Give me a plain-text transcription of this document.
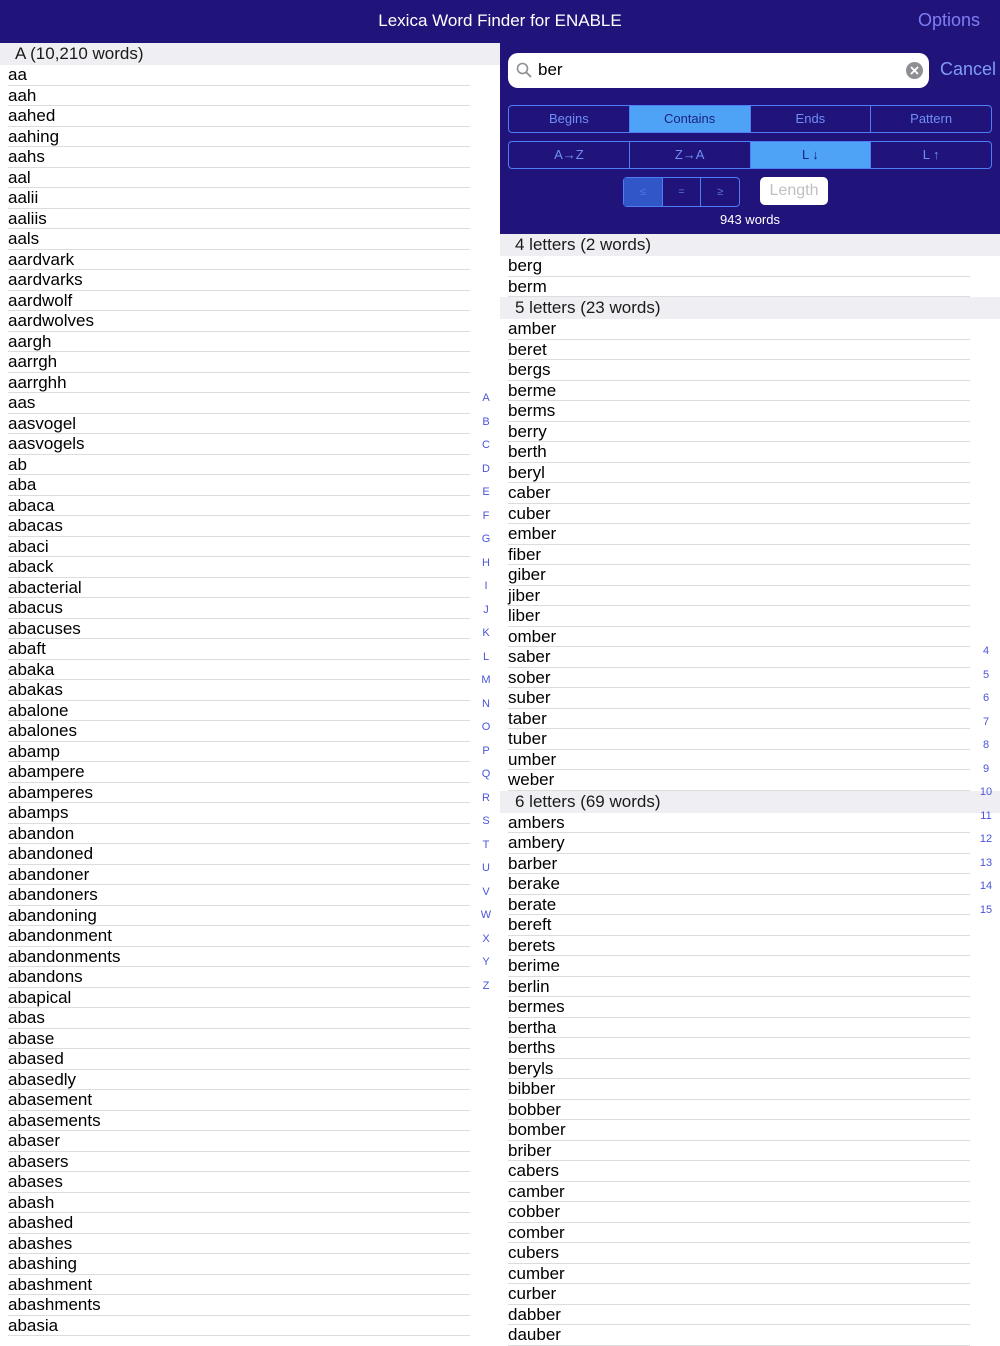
Lexica Word Finder for ENABLE	Options
A (10,210 words)
aa
aah
aahed
aahing
aahs
aal
aalii
aaliis
aals
aardvark
aardvarks
aardwolf
aardwolves
aargh
aarrgh
aarrghh
aas
aasvogel
aasvogels
ab
aba
abaca
abacas
abaci
aback
abacterial
abacus
abacuses
abaft
abaka
abakas
abalone
abalones
abamp
abampere
abamperes
abamps
abandon
abandoned
abandoner
abandoners
abandoning
abandonment
abandonments
abandons
abapical
abas
abase
abased
abasedly
abasement
abasements
abaser
abasers
abases
abash
abashed
abashes
abashing
abashment
abashments
abasia
A
B
C
D
E
F
G
H
I
J
K
L
M
N
O
P
Q
R
S
T
U
V
W
X
Y
Z
ber	Cancel
Begins	Contains	Ends	Pattern
A→Z	Z→A	L ↓	L ↑
≤	=	≥	Length
943 words
4 letters (2 words)
berg
berm
5 letters (23 words)
amber
beret
bergs
berme
berms
berry
berth
beryl
caber
cuber
ember
fiber
giber
jiber
liber
omber
saber
sober
suber
taber
tuber
umber
weber
6 letters (69 words)
ambers
ambery
barber
berake
berate
bereft
berets
berime
berlin
bermes
bertha
berths
beryls
bibber
bobber
bomber
briber
cabers
camber
cobber
comber
cubers
cumber
curber
dabber
dauber
4
5
6
7
8
9
10
11
12
13
14
15
